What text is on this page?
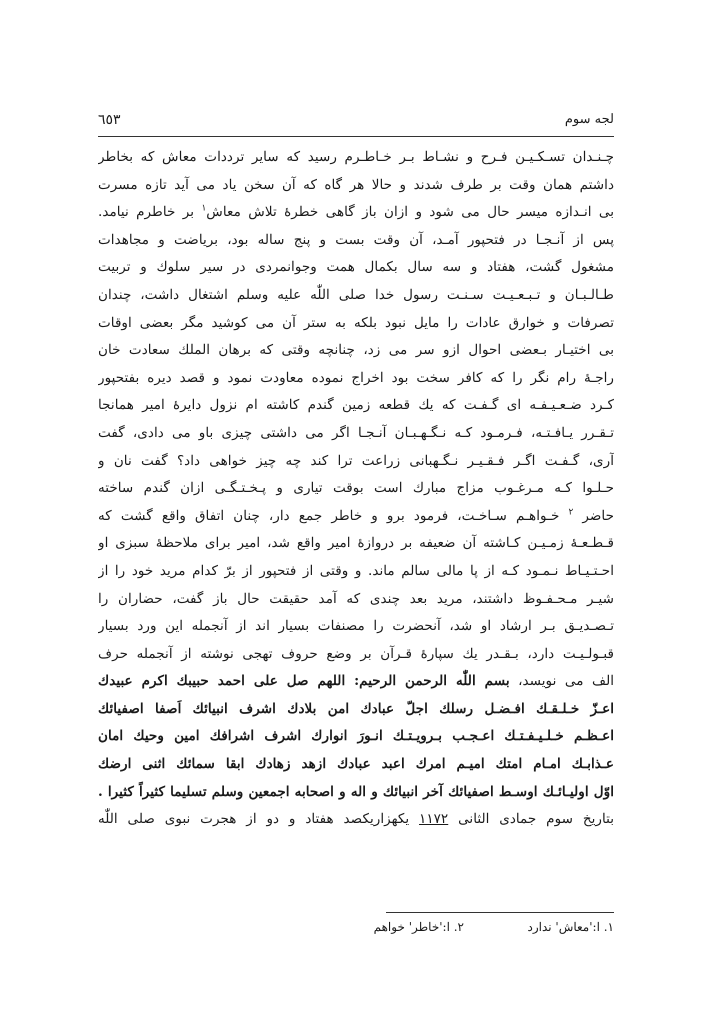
لجه سوم
٦٥٣
چـنـدان تسـكـیـن فـرح و نشـاط بـر خـاطـرم رسید كه سایر تردد‌ات معاش كه بخاطر
داشتم همان وقت بر طرف شدند و حالا هر گاه كه آن سخن یاد می آید تازه مسرت
بی انـدازه میسر حال می شود و ازان باز گاهی خطرهٔ تلاش معاش$^١$ بر خاطرم نیامد.
پس از آنـجـا در فتحپور آمـد، آن وقت بست و پنج ساله بود، برياضت و مجاهدات
مشغول گشت، هفتاد و سه سال بكمال همت وجوانمردی در سیر سلوك و تربیت
طـالـبـان و تـبـعـیـت سـنـت رسول خدا صلی اللّٰه علیه وسلم اشتغال داشت، چندان
تصرفات و خوارق عادات را مایل نبود بلكه به ستر آن می كوشید مگر بعضی اوقات
بی اختیـار بـعضی احوال ازو سر می زد، چنانچه وقتی كه برهان الملك سعادت خان
راجـهٔ رام نگر را كه كافر سخت بود اخراج نموده معاودت نمود و قصد دیره بفتحپور
كـرد ضـعـیـفـه ای گـفـت كه یك قطعه زمین گندم كاشته ام نزول دایرهٔ امیر همانجا
تـقـرر یـافـتـه، فـرمـود كـه نـگـهـبـان آنـجـا اگر می داشتی چیزی باو می دادی، گفت
آری، گـفـت اگـر فـقـیـر نـگـهبانی زراعت ترا كند چه چیز خواهی داد؟ گفت نان و
حـلـوا كـه مـرغـوب مزاج مبارك است بوقت تیاری و پـخـتـگـی ازان گندم ساخته
حاضر $^٢$ خـواهـم سـاخـت، فرمود برو و خاطر جمع دار، چنان اتفاق واقع گشت كه
قـطـعـهٔ زمـیـن كـاشته آن ضعیفه بر دروازهٔ امیر واقع شد، امیر برای ملاحظهٔ سبزی او
احـتـیـاط نـمـود كـه از پا مالی سالم ماند. و وقتی از فتحپور از برّ كدام مرید خود را از
شیـر مـحـفـوظ داشتند، مرید بعد چندی كه آمد حقیقت حال باز گفت، حضاران را
تـصـدیـق بـر ارشاد او شد، آنحضرت را مصنفات بسیار اند از آنجمله این ورد بسیار
قبـولـیـت دارد، بـقـدر یك سپارهٔ قـرآن بر وضع حروف تهجی نوشته از آنجمله حرف
الف می نویسد، بسم اللّٰه الرحمن الرحیم: اللهم صل علی احمد حبیبك اكرم عبیدك
اعـزّ خـلـقـك افـضـل رسلك اجلّ عبادك امن بلادك اشرف انبیائك اَصفا اصفیائك
اعـظـم خـلـیـفـتـك اعـجـب بـرویـتـك انـورَ انوارك اشرف اشرافك امین وحیك امان
عـذابـك امـام امتك امیـم امرك اعبد عبادك ازهد زهادك ابقا سمائك اثنی ارضك
اوّل اولیـائـك اوسـط اصفیائك آخر انبیائك و اله و اصحابه اجمعین وسلم تسلیما كثیراً كثیرا .
بتاریخ سوم جمادی الثانی ١١٧٢ یكهزاریكصد هفتاد و دو از هجرت نبوی صلی اللّٰه
١. ا:'معاش' ندارد
٢. ا:'خاطر' خواهم
